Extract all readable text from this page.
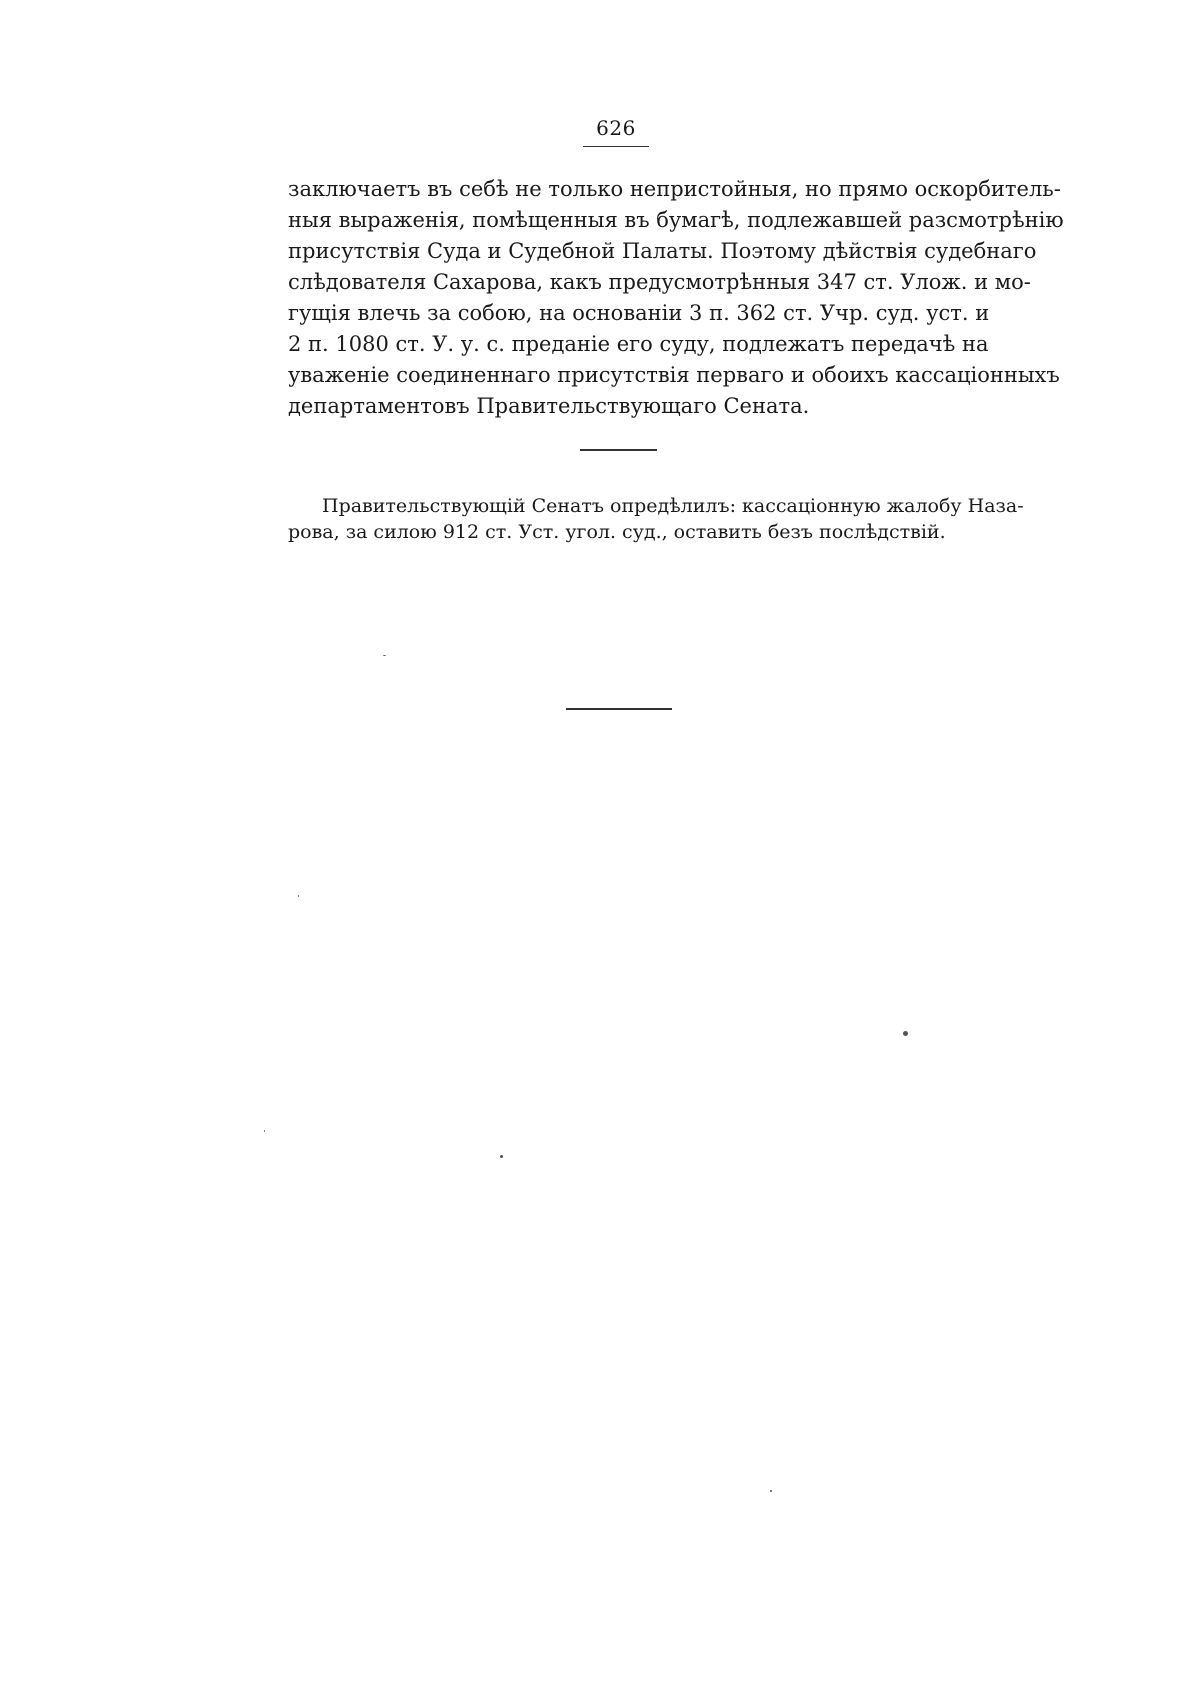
626
заключаетъ въ себѣ не только непристойныя, но прямо оскорбитель-
ныя выраженія, помѣщенныя въ бумагѣ, подлежавшей разсмотрѣнію
присутствія Суда и Судебной Палаты. Поэтому дѣйствія судебнаго
слѣдователя Сахарова, какъ предусмотрѣнныя 347 ст. Улож. и мо-
гущія влечь за собою, на основаніи 3 п. 362 ст. Учр. суд. уст. и
2 п. 1080 ст. У. у. с. преданіе его суду, подлежатъ передачѣ на
уваженіе соединеннаго присутствія перваго и обоихъ кассаціонныхъ
департаментовъ Правительствующаго Сената.
Правительствующій Сенатъ опредѣлилъ: кассаціонную жалобу Наза-
рова, за силою 912 ст. Уст. угол. суд., оставить безъ послѣдствій.
